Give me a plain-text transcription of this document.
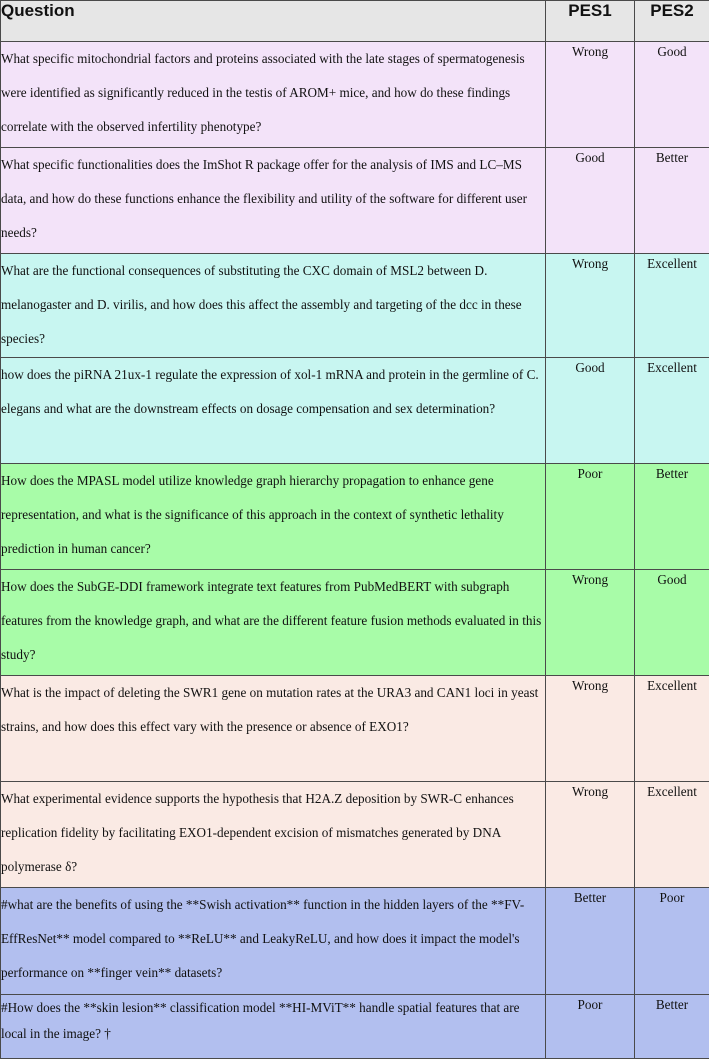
Question	PES1	PES2
What specific mitochondrial factors and proteins associated with the late stages of spermatogenesis were identified as significantly reduced in the testis of AROM+ mice, and how do these findings correlate with the observed infertility phenotype?	Wrong	Good
What specific functionalities does the ImShot R package offer for the analysis of IMS and LC–MS data, and how do these functions enhance the flexibility and utility of the software for different user needs?	Good	Better
What are the functional consequences of substituting the CXC domain of MSL2 between D. melanogaster and D. virilis, and how does this affect the assembly and targeting of the dcc in these species?	Wrong	Excellent
how does the piRNA 21ux-1 regulate the expression of xol-1 mRNA and protein in the germline of C. elegans and what are the downstream effects on dosage compensation and sex determination?	Good	Excellent
How does the MPASL model utilize knowledge graph hierarchy propagation to enhance gene representation, and what is the significance of this approach in the context of synthetic lethality prediction in human cancer?	Poor	Better
How does the SubGE-DDI framework integrate text features from PubMedBERT with subgraph features from the knowledge graph, and what are the different feature fusion methods evaluated in this study?	Wrong	Good
What is the impact of deleting the SWR1 gene on mutation rates at the URA3 and CAN1 loci in yeast strains, and how does this effect vary with the presence or absence of EXO1?	Wrong	Excellent
What experimental evidence supports the hypothesis that H2A.Z deposition by SWR-C enhances replication fidelity by facilitating EXO1-dependent excision of mismatches generated by DNA polymerase δ?	Wrong	Excellent
#what are the benefits of using the **Swish activation** function in the hidden layers of the **FV-EffResNet** model compared to **ReLU** and LeakyReLU, and how does it impact the model's performance on **finger vein** datasets?	Better	Poor
#How does the **skin lesion** classification model **HI-MViT** handle spatial features that are local in the image? †	Poor	Better
